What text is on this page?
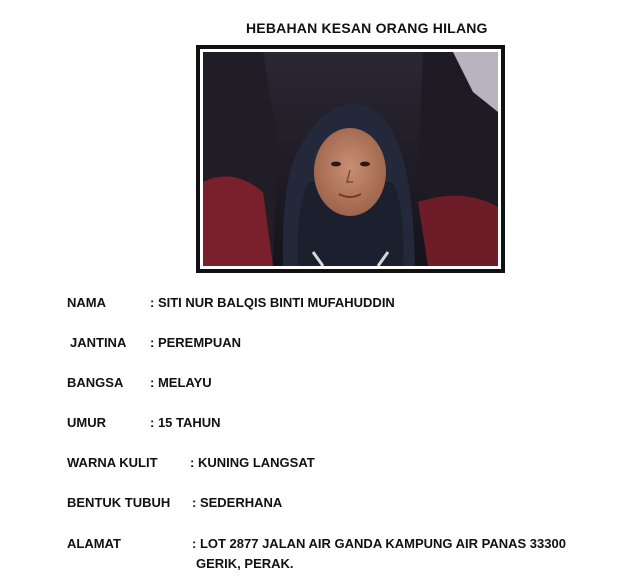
HEBAHAN KESAN ORANG HILANG
NAMA	: SITI NUR BALQIS BINTI MUFAHUDDIN
JANTINA : PEREMPUAN
BANGSA : MELAYU
UMUR	: 15 TAHUN
WARNA KULIT : KUNING LANGSAT
BENTUK TUBUH : SEDERHANA
ALAMAT	: LOT 2877 JALAN AIR GANDA KAMPUNG AIR PANAS 33300
GERIK, PERAK.
